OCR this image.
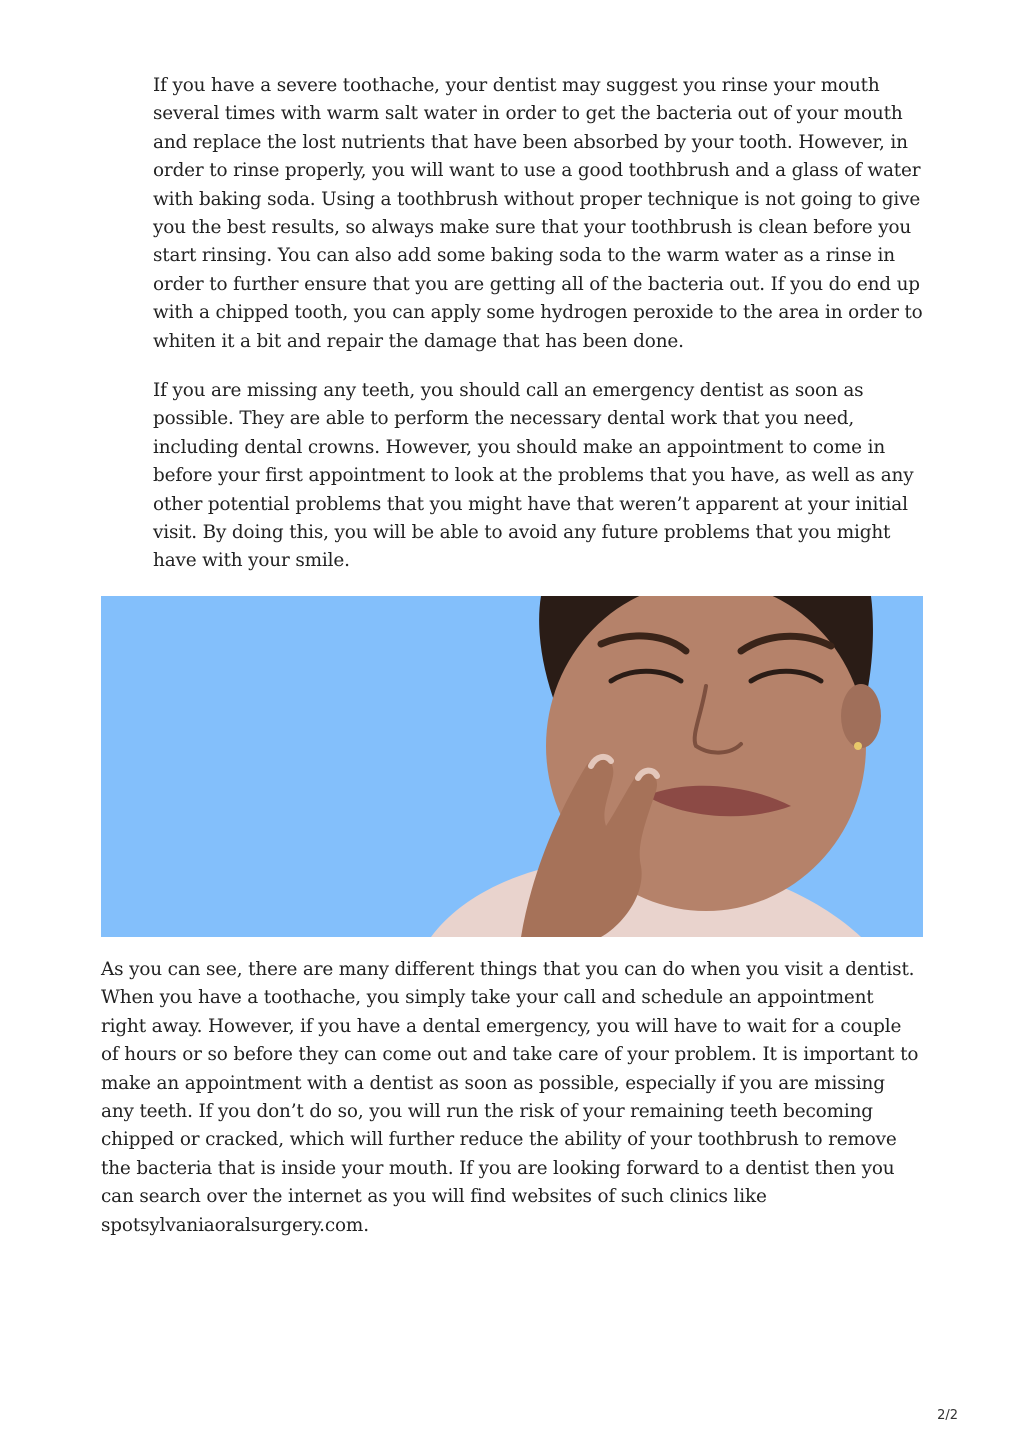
If you have a severe toothache, your dentist may suggest you rinse your mouth several times with warm salt water in order to get the bacteria out of your mouth and replace the lost nutrients that have been absorbed by your tooth. However, in order to rinse properly, you will want to use a good toothbrush and a glass of water with baking soda. Using a toothbrush without proper technique is not going to give you the best results, so always make sure that your toothbrush is clean before you start rinsing. You can also add some baking soda to the warm water as a rinse in order to further ensure that you are getting all of the bacteria out. If you do end up with a chipped tooth, you can apply some hydrogen peroxide to the area in order to whiten it a bit and repair the damage that has been done.

If you are missing any teeth, you should call an emergency dentist as soon as possible. They are able to perform the necessary dental work that you need, including dental crowns. However, you should make an appointment to come in before your first appointment to look at the problems that you have, as well as any other potential problems that you might have that weren’t apparent at your initial visit. By doing this, you will be able to avoid any future problems that you might have with your smile.

As you can see, there are many different things that you can do when you visit a dentist. When you have a toothache, you simply take your call and schedule an appointment right away. However, if you have a dental emergency, you will have to wait for a couple of hours or so before they can come out and take care of your problem. It is important to make an appointment with a dentist as soon as possible, especially if you are missing any teeth. If you don’t do so, you will run the risk of your remaining teeth becoming chipped or cracked, which will further reduce the ability of your toothbrush to remove the bacteria that is inside your mouth. If you are looking forward to a dentist then you can search over the internet as you will find websites of such clinics like spotsylvaniaoralsurgery.com.

2/2
